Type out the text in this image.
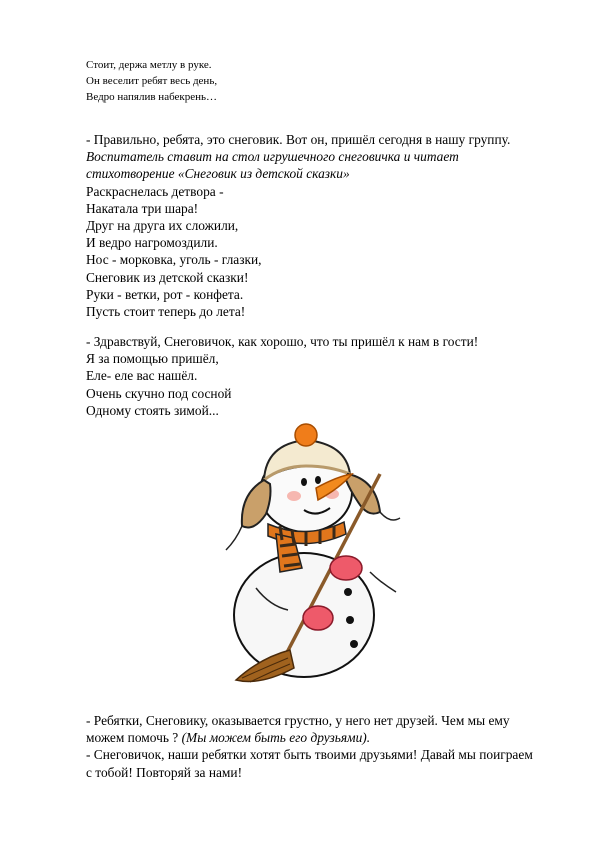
Стоит, держа метлу в руке.

Он веселит ребят весь день,

Ведро напялив набекрень…

- Правильно, ребята, это снеговик. Вот он, пришёл сегодня в нашу группу.

Воспитатель ставит на стол игрушечного снеговичка и читает

стихотворение «Снеговик из детской сказки»

Раскраснелась детвора -

Накатала три шара!

Друг на друга их сложили,

И ведро нагромоздили.

Нос - морковка, уголь - глазки,

Снеговик из детской сказки!

Руки - ветки, рот - конфета.

Пусть стоит теперь до лета!

- Здравствуй, Снеговичок, как хорошо, что ты пришёл к нам в гости!

Я за помощью пришёл,

Еле- еле вас нашёл.

Очень скучно под сосной

Одному стоять зимой...

- Ребятки, Снеговику, оказывается грустно, у него нет друзей. Чем мы ему

можем помочь ? (Мы можем быть его друзьями).

- Снеговичок, наши ребятки хотят быть твоими друзьями! Давай мы поиграем

с тобой! Повторяй за нами!
